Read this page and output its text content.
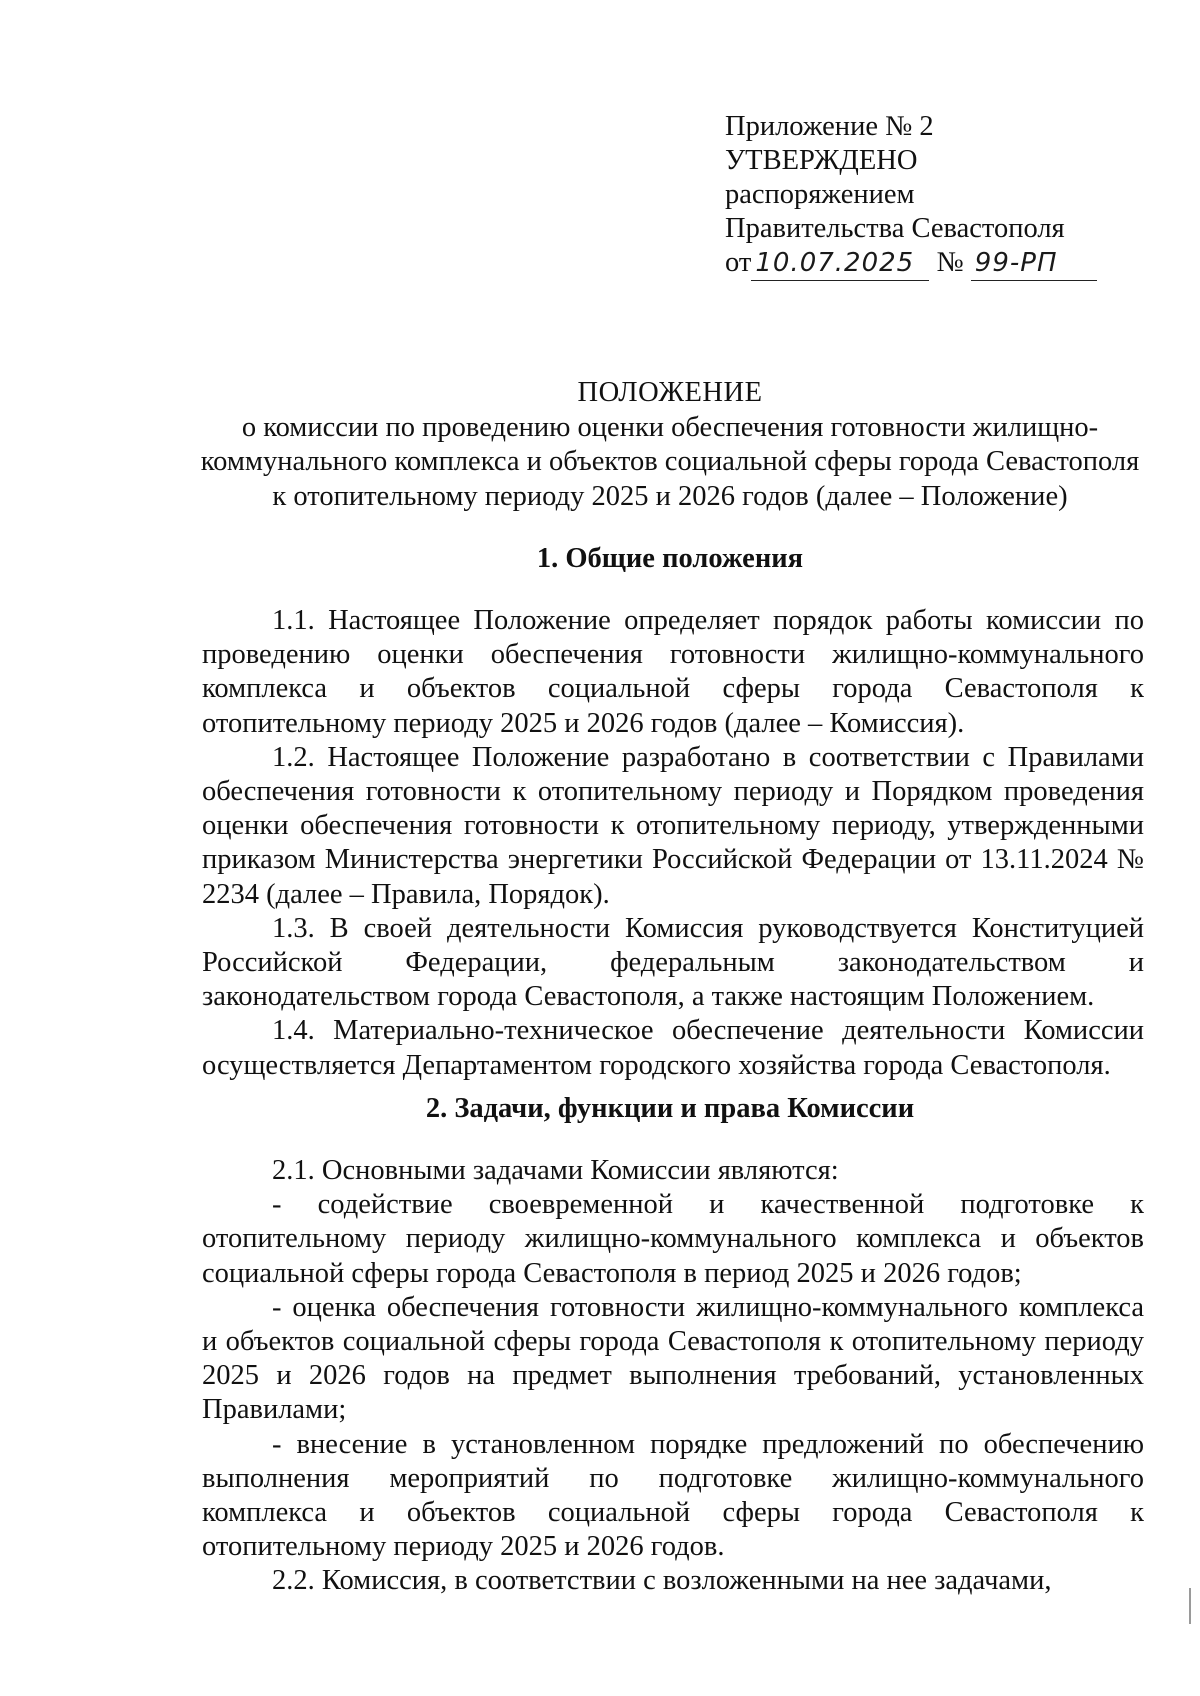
Приложение № 2
УТВЕРЖДЕНО
распоряжением
Правительства Севастополя
от 10.07.2025 № 99-РП
ПОЛОЖЕНИЕ
о комиссии по проведению оценки обеспечения готовности жилищно-
коммунального комплекса и объектов социальной сферы города Севастополя
к отопительному периоду 2025 и 2026 годов (далее – Положение)
1. Общие положения

1.1. Настоящее Положение определяет порядок работы комиссии по проведению оценки обеспечения готовности жилищно-коммунального комплекса и объектов социальной сферы города Севастополя к отопительному периоду 2025 и 2026 годов (далее – Комиссия).

1.2. Настоящее Положение разработано в соответствии с Правилами обеспечения готовности к отопительному периоду и Порядком проведения оценки обеспечения готовности к отопительному периоду, утвержденными приказом Министерства энергетики Российской Федерации от 13.11.2024 № 2234 (далее – Правила, Порядок).

1.3. В своей деятельности Комиссия руководствуется Конституцией Российской Федерации, федеральным законодательством и законодательством города Севастополя, а также настоящим Положением.

1.4. Материально-техническое обеспечение деятельности Комиссии осуществляется Департаментом городского хозяйства города Севастополя.

2. Задачи, функции и права Комиссии

2.1. Основными задачами Комиссии являются:

- содействие своевременной и качественной подготовке к отопительному периоду жилищно-коммунального комплекса и объектов социальной сферы города Севастополя в период 2025 и 2026 годов;

- оценка обеспечения готовности жилищно-коммунального комплекса и объектов социальной сферы города Севастополя к отопительному периоду 2025 и 2026 годов на предмет выполнения требований, установленных Правилами;

- внесение в установленном порядке предложений по обеспечению выполнения мероприятий по подготовке жилищно-коммунального комплекса и объектов социальной сферы города Севастополя к отопительному периоду 2025 и 2026 годов.

2.2. Комиссия, в соответствии с возложенными на нее задачами,
